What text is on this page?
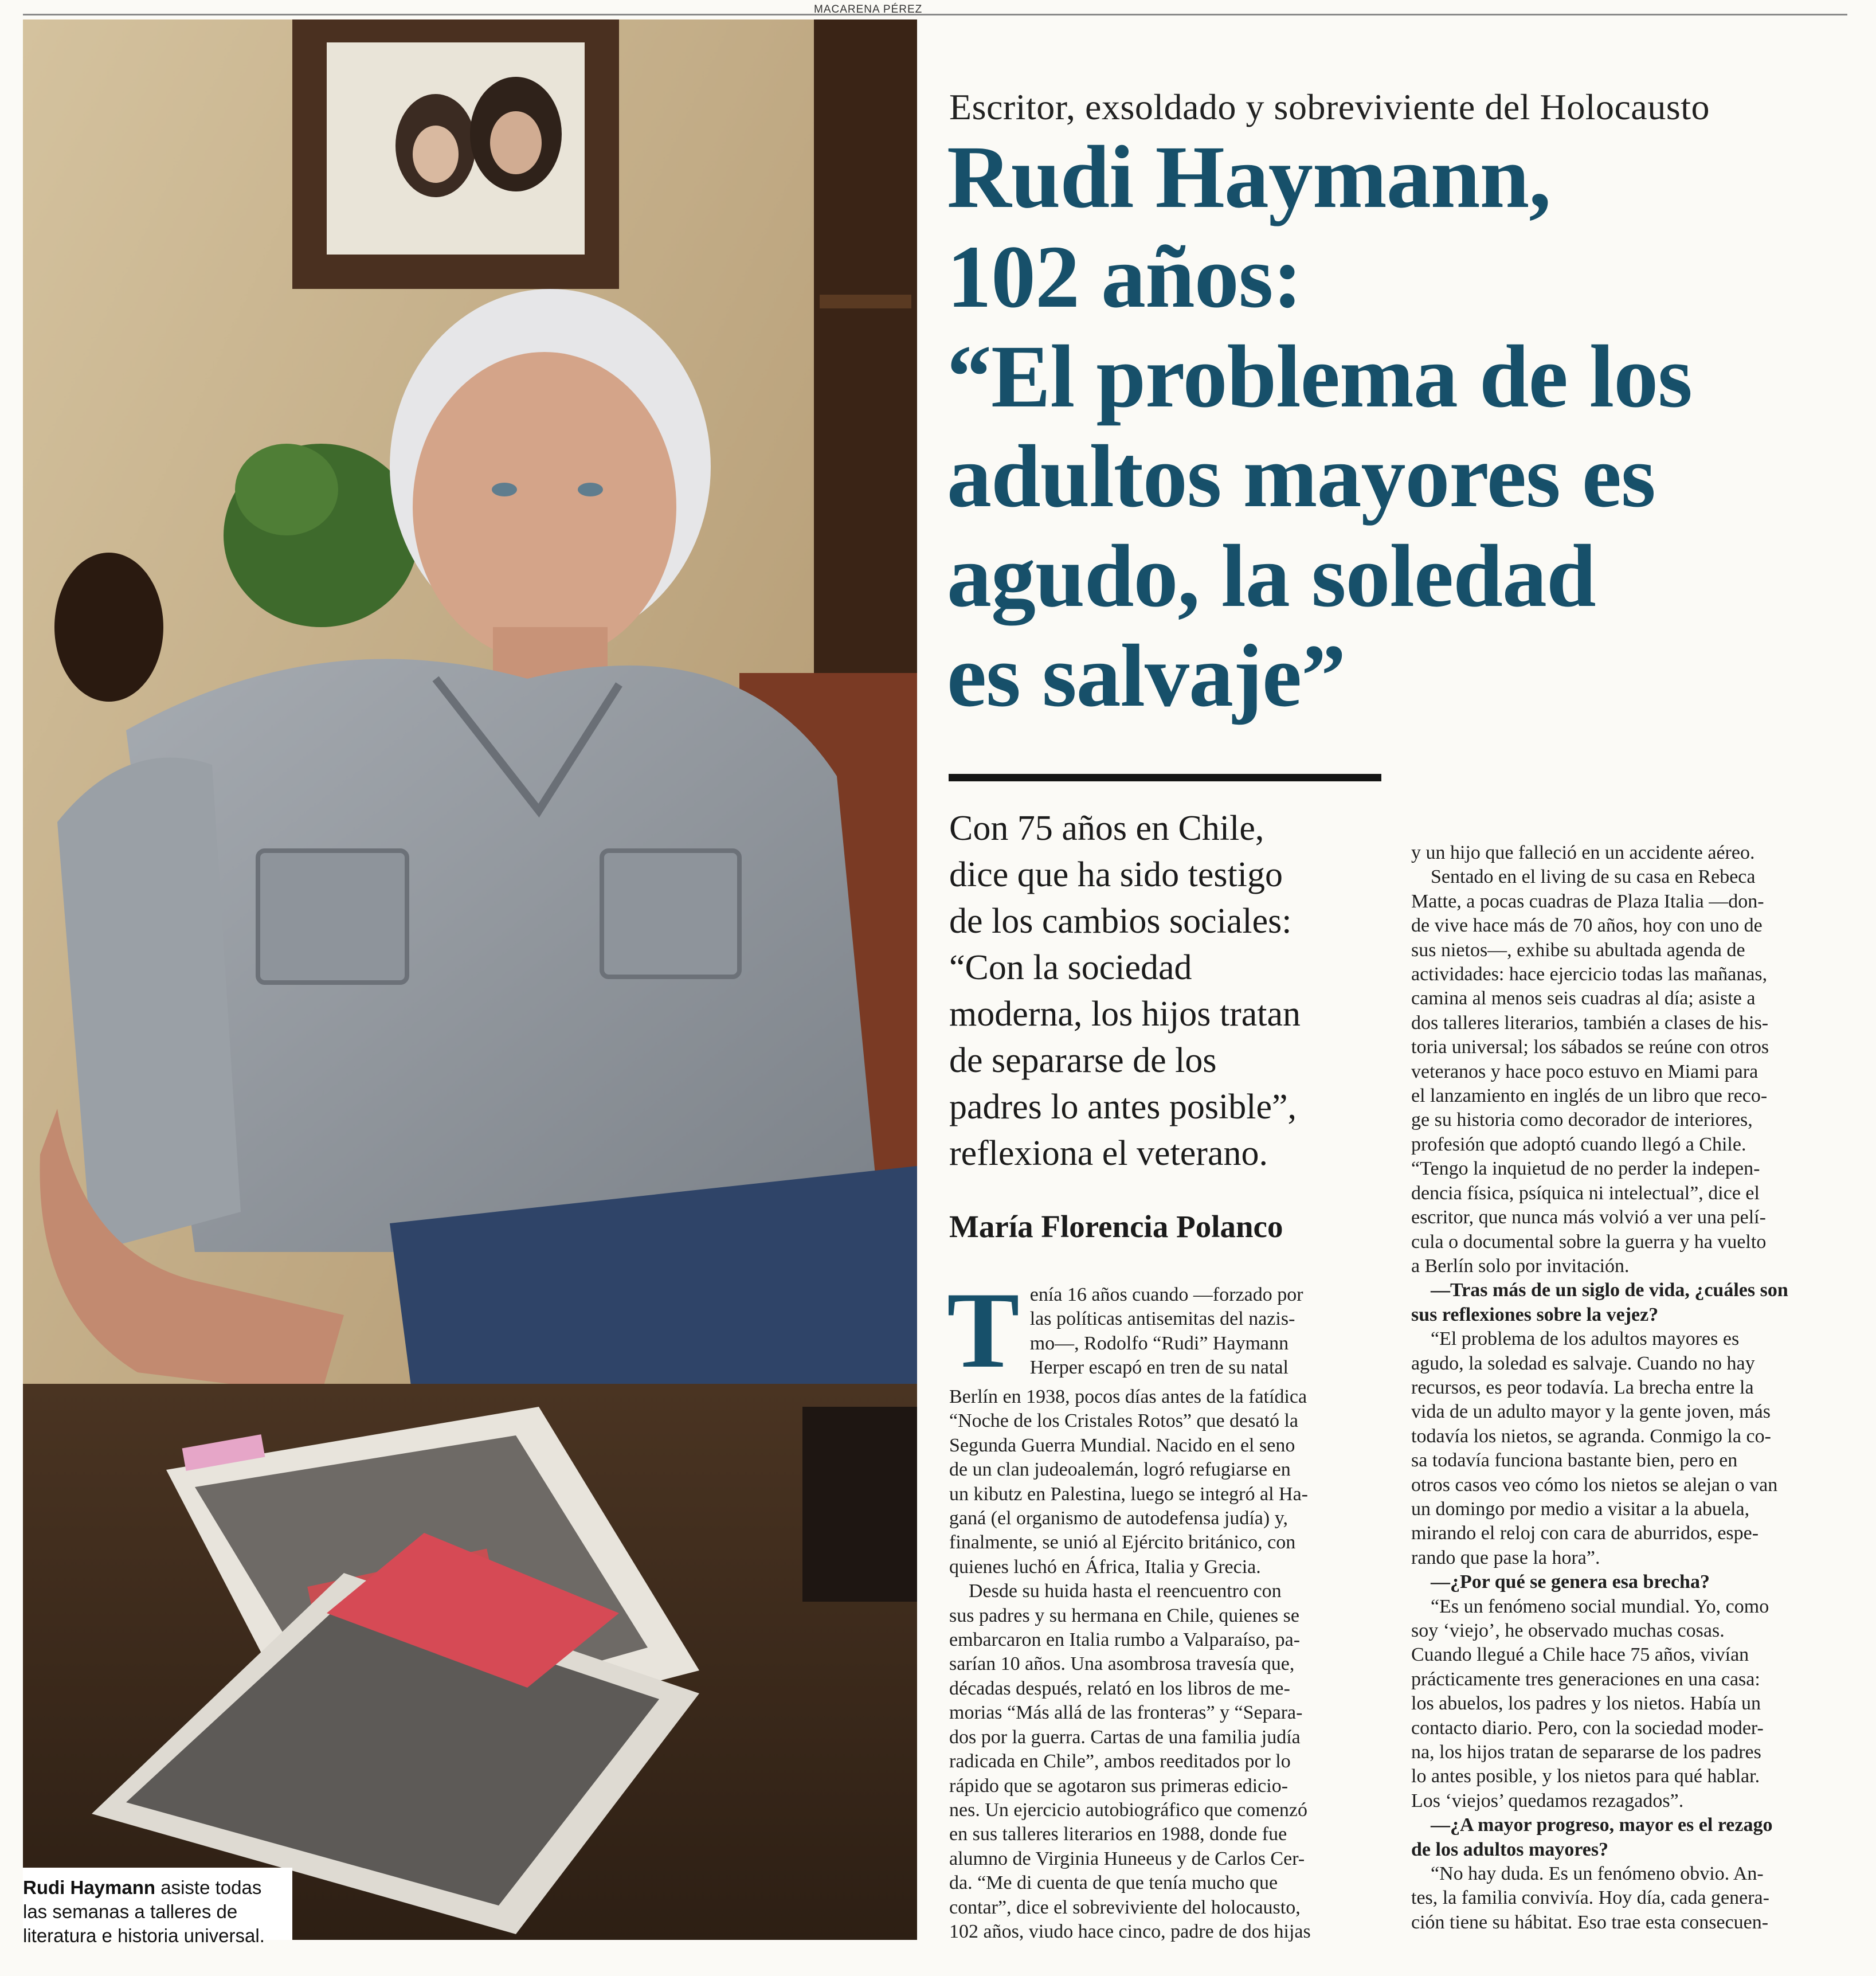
MACARENA PÉREZ
Rudi Haymann asiste todas las semanas a talleres de literatura e historia universal.
Escritor, exsoldado y sobreviviente del Holocausto
Rudi Haymann,
102 años:
“El problema de los
adultos mayores es
agudo, la soledad
es salvaje”
Con 75 años en Chile,
dice que ha sido testigo
de los cambios sociales:
“Con la sociedad
moderna, los hijos tratan
de separarse de los
padres lo antes posible”,
reflexiona el veterano.
María Florencia Polanco

T enía 16 años cuando —forzado por
las políticas antisemitas del nazis-
mo—, Rodolfo “Rudi” Haymann
Herper escapó en tren de su natal

Berlín en 1938, pocos días antes de la fatídica
“Noche de los Cristales Rotos” que desató la
Segunda Guerra Mundial. Nacido en el seno
de un clan judeoalemán, logró refugiarse en
un kibutz en Palestina, luego se integró al Ha-
ganá (el organismo de autodefensa judía) y,
finalmente, se unió al Ejército británico, con
quienes luchó en África, Italia y Grecia.

Desde su huida hasta el reencuentro con
sus padres y su hermana en Chile, quienes se
embarcaron en Italia rumbo a Valparaíso, pa-
sarían 10 años. Una asombrosa travesía que,
décadas después, relató en los libros de me-
morias “Más allá de las fronteras” y “Separa-
dos por la guerra. Cartas de una familia judía
radicada en Chile”, ambos reeditados por lo
rápido que se agotaron sus primeras edicio-
nes. Un ejercicio autobiográfico que comenzó
en sus talleres literarios en 1988, donde fue
alumno de Virginia Huneeus y de Carlos Cer-
da. “Me di cuenta de que tenía mucho que
contar”, dice el sobreviviente del holocausto,
102 años, viudo hace cinco, padre de dos hijas

y un hijo que falleció en un accidente aéreo.

Sentado en el living de su casa en Rebeca
Matte, a pocas cuadras de Plaza Italia —don-
de vive hace más de 70 años, hoy con uno de
sus nietos—, exhibe su abultada agenda de
actividades: hace ejercicio todas las mañanas,
camina al menos seis cuadras al día; asiste a
dos talleres literarios, también a clases de his-
toria universal; los sábados se reúne con otros
veteranos y hace poco estuvo en Miami para
el lanzamiento en inglés de un libro que reco-
ge su historia como decorador de interiores,
profesión que adoptó cuando llegó a Chile.
“Tengo la inquietud de no perder la indepen-
dencia física, psíquica ni intelectual”, dice el
escritor, que nunca más volvió a ver una pelí-
cula o documental sobre la guerra y ha vuelto
a Berlín solo por invitación.

—Tras más de un siglo de vida, ¿cuáles son
sus reflexiones sobre la vejez?

“El problema de los adultos mayores es
agudo, la soledad es salvaje. Cuando no hay
recursos, es peor todavía. La brecha entre la
vida de un adulto mayor y la gente joven, más
todavía los nietos, se agranda. Conmigo la co-
sa todavía funciona bastante bien, pero en
otros casos veo cómo los nietos se alejan o van
un domingo por medio a visitar a la abuela,
mirando el reloj con cara de aburridos, espe-
rando que pase la hora”.

—¿Por qué se genera esa brecha?

“Es un fenómeno social mundial. Yo, como
soy ‘viejo’, he observado muchas cosas.
Cuando llegué a Chile hace 75 años, vivían
prácticamente tres generaciones en una casa:
los abuelos, los padres y los nietos. Había un
contacto diario. Pero, con la sociedad moder-
na, los hijos tratan de separarse de los padres
lo antes posible, y los nietos para qué hablar.
Los ‘viejos’ quedamos rezagados”.

—¿A mayor progreso, mayor es el rezago
de los adultos mayores?

“No hay duda. Es un fenómeno obvio. An-
tes, la familia convivía. Hoy día, cada genera-
ción tiene su hábitat. Eso trae esta consecuen-
